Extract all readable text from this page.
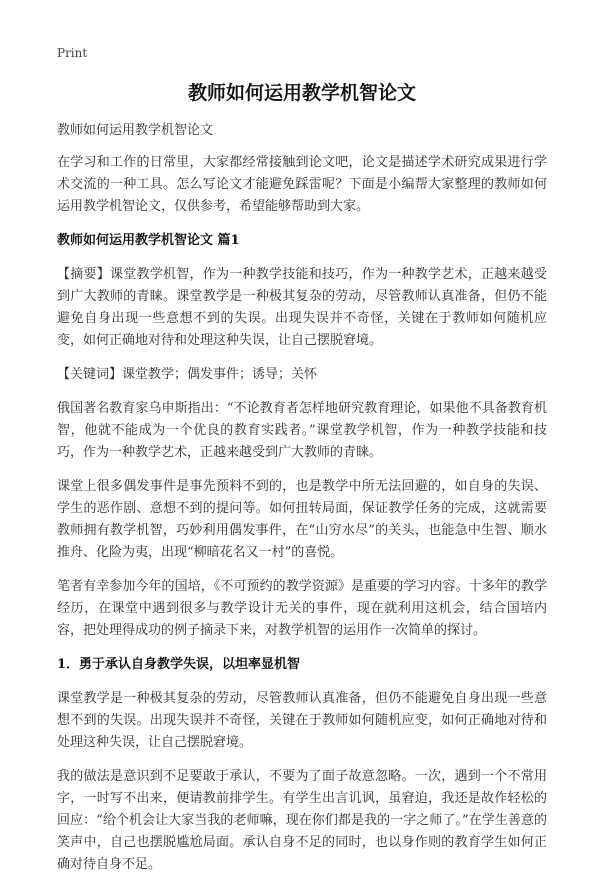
Print
教师如何运用教学机智论文

教师如何运用教学机智论文

在学习和工作的日常里，大家都经常接触到论文吧，论文是描述学术研究成果进行学术交流的一种工具。怎么写论文才能避免踩雷呢？下面是小编帮大家整理的教师如何运用教学机智论文，仅供参考，希望能够帮助到大家。

教师如何运用教学机智论文 篇1

【摘要】课堂教学机智，作为一种教学技能和技巧，作为一种教学艺术，正越来越受到广大教师的青睐。课堂教学是一种极其复杂的劳动，尽管教师认真准备，但仍不能避免自身出现一些意想不到的失误。出现失误并不奇怪，关键在于教师如何随机应变，如何正确地对待和处理这种失误，让自己摆脱窘境。

【关键词】课堂教学；偶发事件；诱导；关怀

俄国著名教育家乌申斯指出：“不论教育者怎样地研究教育理论，如果他不具备教育机智，他就不能成为一个优良的教育实践者。”课堂教学机智，作为一种教学技能和技巧，作为一种教学艺术，正越来越受到广大教师的青睐。

课堂上很多偶发事件是事先预料不到的，也是教学中所无法回避的，如自身的失误、学生的恶作剧、意想不到的提问等。如何扭转局面，保证教学任务的完成，这就需要教师拥有教学机智，巧妙利用偶发事件，在“山穷水尽”的关头，也能急中生智、顺水推舟、化险为夷，出现“柳暗花名又一村”的喜悦。

笔者有幸参加今年的国培，《不可预约的教学资源》是重要的学习内容。十多年的教学经历，在课堂中遇到很多与教学设计无关的事件，现在就利用这机会，结合国培内容，把处理得成功的例子摘录下来，对教学机智的运用作一次简单的探讨。

1．勇于承认自身教学失误，以坦率显机智

课堂教学是一种极其复杂的劳动，尽管教师认真准备，但仍不能避免自身出现一些意想不到的失误。出现失误并不奇怪，关键在于教师如何随机应变，如何正确地对待和处理这种失误，让自己摆脱窘境。

我的做法是意识到不足要敢于承认，不要为了面子故意忽略。一次，遇到一个不常用字，一时写不出来，便请教前排学生。有学生出言讥讽，虽窘迫，我还是故作轻松的回应：“给个机会让大家当我的老师嘛，现在你们都是我的一字之师了。”在学生善意的笑声中，自己也摆脱尴尬局面。承认自身不足的同时，也以身作则的教育学生如何正确对待自身不足。
